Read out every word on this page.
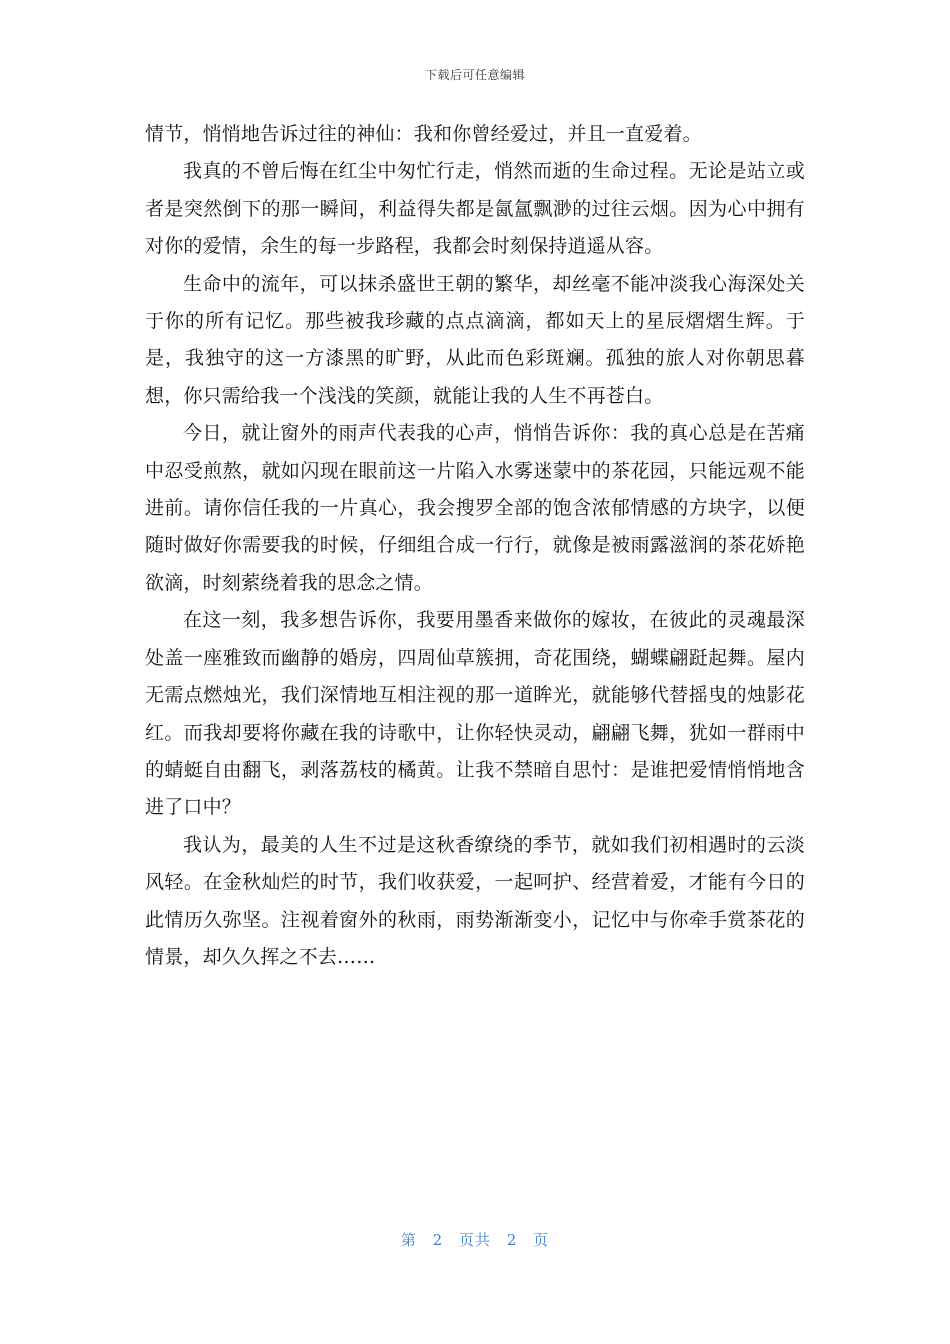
下载后可任意编辑

情节，悄悄地告诉过往的神仙：我和你曾经爱过，并且一直爱着。

我真的不曾后悔在红尘中匆忙行走，悄然而逝的生命过程。无论是站立或者是突然倒下的那一瞬间，利益得失都是氤氲飘渺的过往云烟。因为心中拥有对你的爱情，余生的每一步路程，我都会时刻保持逍遥从容。

生命中的流年，可以抹杀盛世王朝的繁华，却丝毫不能冲淡我心海深处关于你的所有记忆。那些被我珍藏的点点滴滴，都如天上的星辰熠熠生辉。于是，我独守的这一方漆黑的旷野，从此而色彩斑斓。孤独的旅人对你朝思暮想，你只需给我一个浅浅的笑颜，就能让我的人生不再苍白。

今日，就让窗外的雨声代表我的心声，悄悄告诉你：我的真心总是在苦痛中忍受煎熬，就如闪现在眼前这一片陷入水雾迷蒙中的茶花园，只能远观不能进前。请你信任我的一片真心，我会搜罗全部的饱含浓郁情感的方块字，以便随时做好你需要我的时候，仔细组合成一行行，就像是被雨露滋润的茶花娇艳欲滴，时刻萦绕着我的思念之情。

在这一刻，我多想告诉你，我要用墨香来做你的嫁妆，在彼此的灵魂最深处盖一座雅致而幽静的婚房，四周仙草簇拥，奇花围绕，蝴蝶翩跹起舞。屋内无需点燃烛光，我们深情地互相注视的那一道眸光，就能够代替摇曳的烛影花红。而我却要将你藏在我的诗歌中，让你轻快灵动，翩翩飞舞，犹如一群雨中的蜻蜓自由翻飞，剥落荔枝的橘黄。让我不禁暗自思忖：是谁把爱情悄悄地含进了口中？

我认为，最美的人生不过是这秋香缭绕的季节，就如我们初相遇时的云淡风轻。在金秋灿烂的时节，我们收获爱，一起呵护、经营着爱，才能有今日的此情历久弥坚。注视着窗外的秋雨，雨势渐渐变小，记忆中与你牵手赏茶花的情景，却久久挥之不去……

第 2 页共 2 页
